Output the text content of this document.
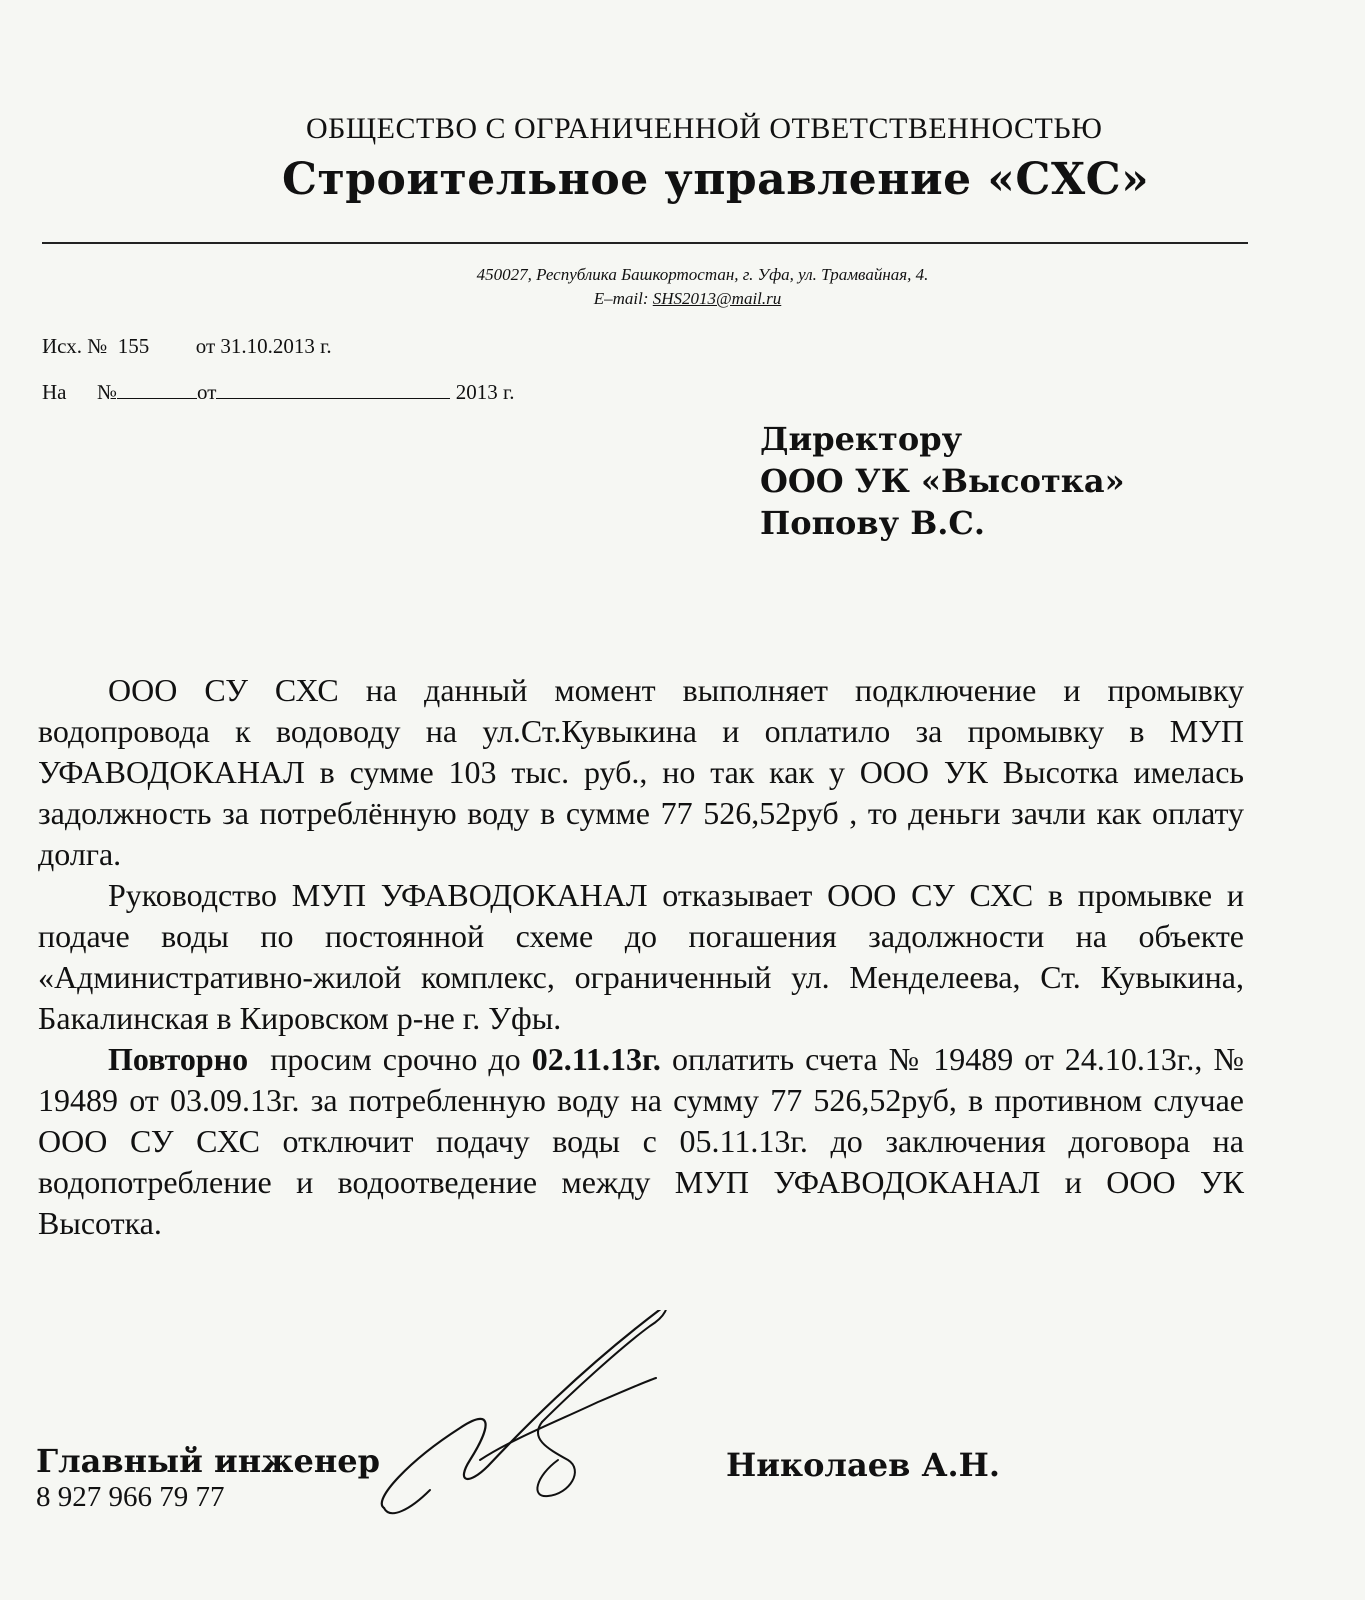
ОБЩЕСТВО С ОГРАНИЧЕННОЙ ОТВЕТСТВЕННОСТЬЮ
Строительное управление «СХС»
450027, Республика Башкортостан, г. Уфа, ул. Трамвайная, 4.
E–mail: SHS2013@mail.ru
Исх. № 155 от 31.10.2013 г.
На №	от	2013 г.
Директору
ООО УК «Высотка»
Попову В.С.

ООО СУ СХС на данный момент выполняет подключение и промывку водопровода к водоводу на ул.Ст.Кувыкина и оплатило за промывку в МУП УФАВОДОКАНАЛ в сумме 103 тыс. руб., но так как у ООО УК Высотка имелась задолжность за потреблённую воду в сумме 77 526,52руб , то деньги зачли как оплату долга.

Руководство МУП УФАВОДОКАНАЛ отказывает ООО СУ СХС в промывке и подаче воды по постоянной схеме до погашения задолжности на объекте «Административно-жилой комплекс, ограниченный ул. Менделеева, Ст. Кувыкина, Бакалинская в Кировском р-не г. Уфы.

Повторно  просим срочно до 02.11.13г. оплатить счета № 19489 от 24.10.13г., № 19489 от 03.09.13г. за потребленную воду на сумму 77 526,52руб, в противном случае ООО СУ СХС отключит подачу воды с 05.11.13г. до заключения договора на водопотребление и водоотведение между МУП УФАВОДОКАНАЛ и ООО УК Высотка.

Главный инженер
8 927 966 79 77
Николаев А.Н.
